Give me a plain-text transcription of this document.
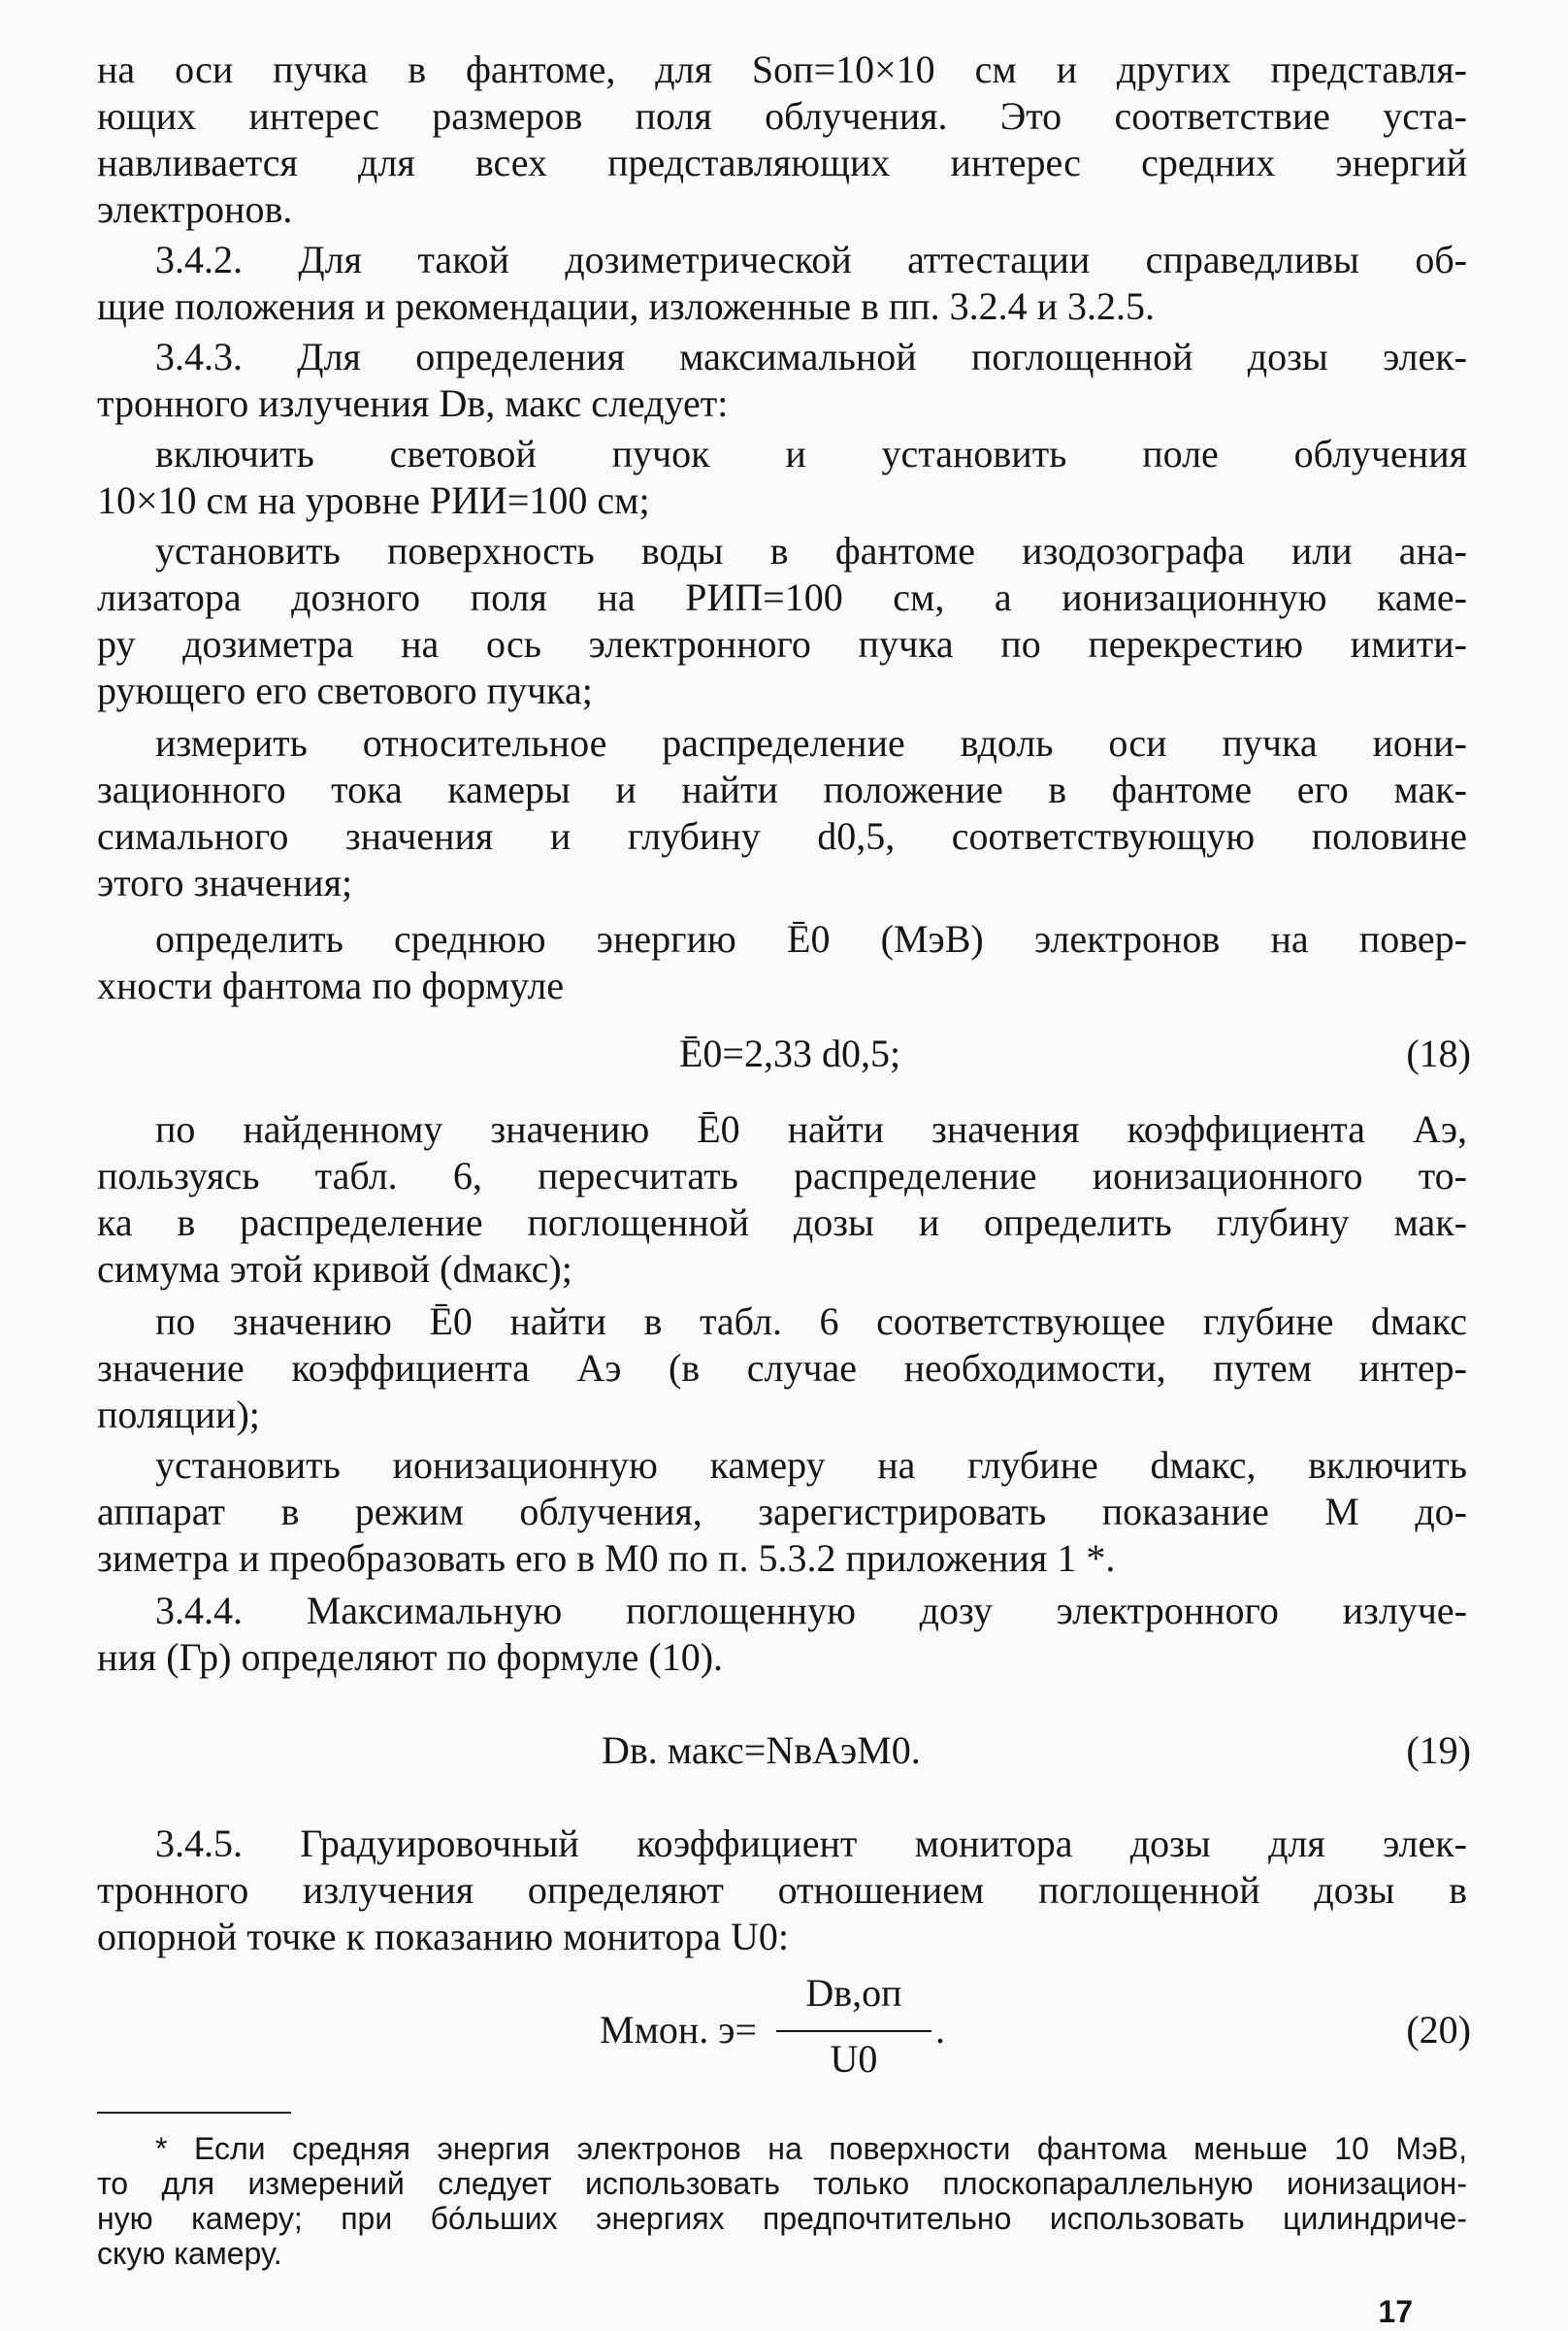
на оси пучка в фантоме, для Sоп=10×10 см и других представля-
ющих интерес размеров поля облучения. Это соответствие уста-
навливается для всех представляющих интерес средних энергий
электронов.
3.4.2. Для такой дозиметрической аттестации справедливы об-
щие положения и рекомендации, изложенные в пп. 3.2.4 и 3.2.5.
3.4.3. Для определения максимальной поглощенной дозы элек-
тронного излучения Dв, макс следует:
включить световой пучок и установить поле облучения
10×10 см на уровне РИИ=100 см;
установить поверхность воды в фантоме изодозографа или ана-
лизатора дозного поля на РИП=100 см, а ионизационную каме-
ру дозиметра на ось электронного пучка по перекрестию имити-
рующего его светового пучка;
измерить относительное распределение вдоль оси пучка иони-
зационного тока камеры и найти положение в фантоме его мак-
симального значения и глубину d0,5, соответствующую половине
этого значения;
определить среднюю энергию Ē0 (МэВ) электронов на повер-
хности фантома по формуле
Ē0=2,33 d0,5;	(18)
по найденному значению Ē0 найти значения коэффициента Aэ,
пользуясь табл. 6, пересчитать распределение ионизационного то-
ка в распределение поглощенной дозы и определить глубину мак-
симума этой кривой (dмакс);
по значению Ē0 найти в табл. 6 соответствующее глубине dмакс
значение коэффициента Aэ (в случае необходимости, путем интер-
поляции);
установить ионизационную камеру на глубине dмакс, включить
аппарат в режим облучения, зарегистрировать показание M до-
зиметра и преобразовать его в M0 по п. 5.3.2 приложения 1 *.
3.4.4. Максимальную поглощенную дозу электронного излуче-
ния (Гр) определяют по формуле (10).
Dв. макс=NвAэM0.	(19)
3.4.5. Градуировочный коэффициент монитора дозы для элек-
тронного излучения определяют отношением поглощенной дозы в
опорной точке к показанию монитора U0:
* Если средняя энергия электронов на поверхности фантома меньше 10 МэВ,
то для измерений следует использовать только плоскопараллельную ионизацион-
ную камеру; при бо́льших энергиях предпочтительно использовать цилиндриче-
скую камеру.
17
Mмон. э=
Dв,оп
U0
.	(20)
